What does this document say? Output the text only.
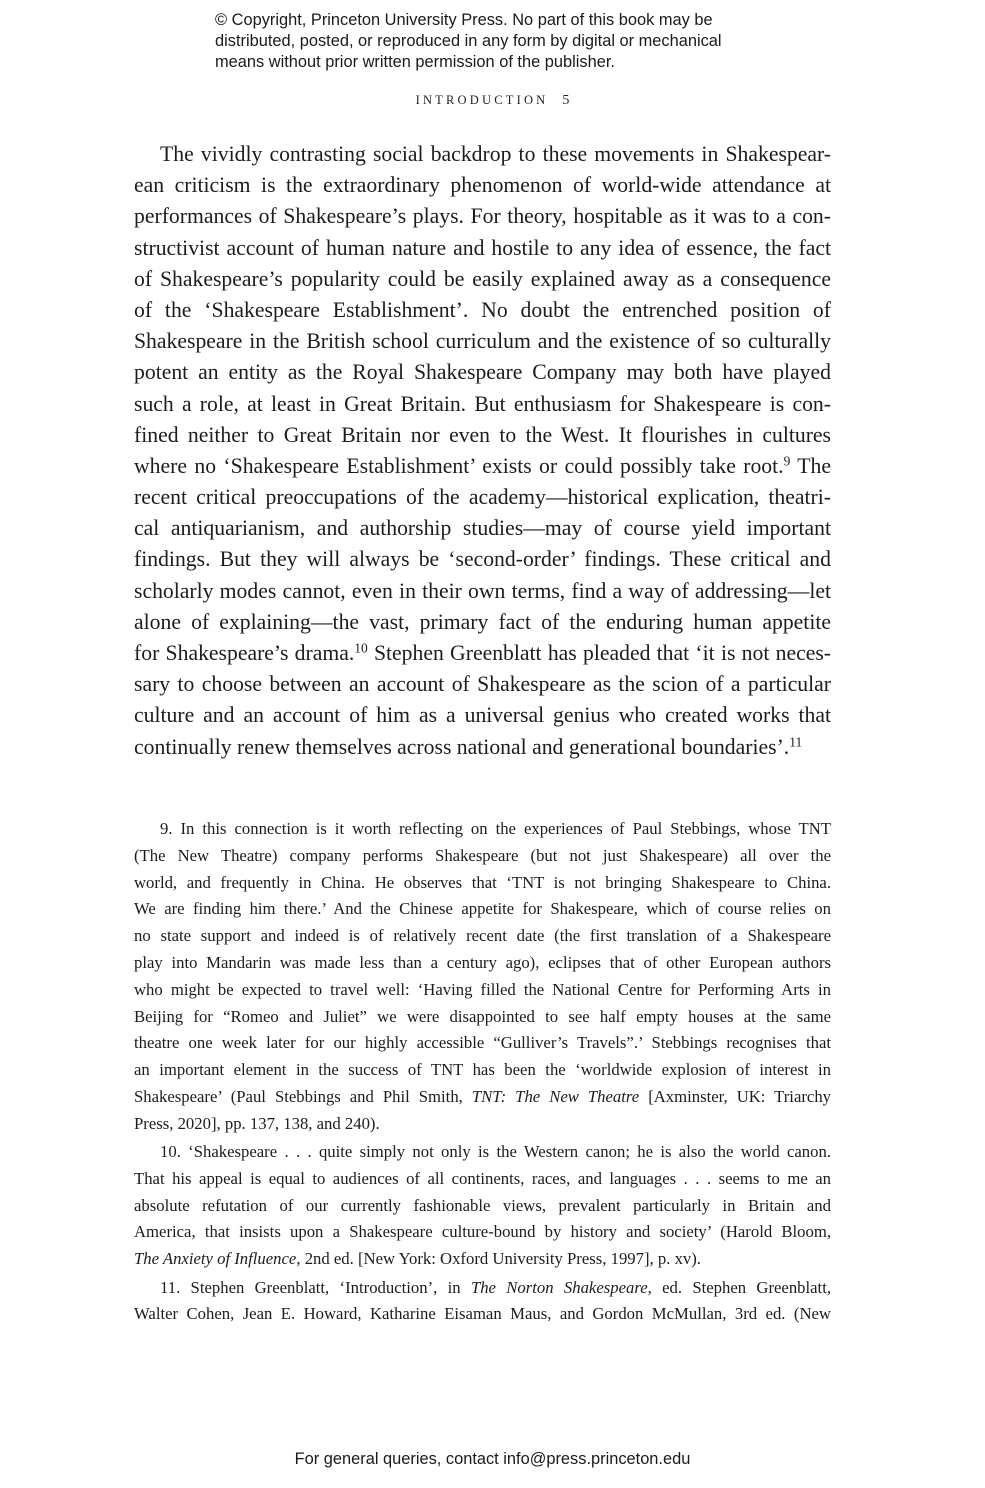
© Copyright, Princeton University Press. No part of this book may be
distributed, posted, or reproduced in any form by digital or mechanical
means without prior written permission of the publisher.
INTRODUCTION 5
The vividly contrasting social backdrop to these movements in Shakespear-
ean criticism is the extraordinary phenomenon of world-wide attendance at
performances of Shakespeare’s plays. For theory, hospitable as it was to a con-
structivist account of human nature and hostile to any idea of essence, the fact
of Shakespeare’s popularity could be easily explained away as a consequence
of the ‘Shakespeare Establishment’. No doubt the entrenched position of
Shakespeare in the British school curriculum and the existence of so culturally
potent an entity as the Royal Shakespeare Company may both have played
such a role, at least in Great Britain. But enthusiasm for Shakespeare is con-
fined neither to Great Britain nor even to the West. It flourishes in cultures
where no ‘Shakespeare Establishment’ exists or could possibly take root.$^9$ The
recent critical preoccupations of the academy—historical explication, theatri-
cal antiquarianism, and authorship studies—may of course yield important
findings. But they will always be ‘second-order’ findings. These critical and
scholarly modes cannot, even in their own terms, find a way of addressing—let
alone of explaining—the vast, primary fact of the enduring human appetite
for Shakespeare’s drama.$^{10}$ Stephen Greenblatt has pleaded that ‘it is not neces-
sary to choose between an account of Shakespeare as the scion of a particular
culture and an account of him as a universal genius who created works that
continually renew themselves across national and generational boundaries’.$^{11}$
9. In this connection is it worth reflecting on the experiences of Paul Stebbings, whose TNT
(The New Theatre) company performs Shakespeare (but not just Shakespeare) all over the
world, and frequently in China. He observes that ‘TNT is not bringing Shakespeare to China.
We are finding him there.’ And the Chinese appetite for Shakespeare, which of course relies on
no state support and indeed is of relatively recent date (the first translation of a Shakespeare
play into Mandarin was made less than a century ago), eclipses that of other European authors
who might be expected to travel well: ‘Having filled the National Centre for Performing Arts in
Beijing for “Romeo and Juliet” we were disappointed to see half empty houses at the same
theatre one week later for our highly accessible “Gulliver’s Travels”.’ Stebbings recognises that
an important element in the success of TNT has been the ‘worldwide explosion of interest in
Shakespeare’ (Paul Stebbings and Phil Smith, TNT: The New Theatre [Axminster, UK: Triarchy
Press, 2020], pp. 137, 138, and 240).
10. ‘Shakespeare . . . quite simply not only is the Western canon; he is also the world canon.
That his appeal is equal to audiences of all continents, races, and languages . . . seems to me an
absolute refutation of our currently fashionable views, prevalent particularly in Britain and
America, that insists upon a Shakespeare culture-bound by history and society’ (Harold Bloom,
The Anxiety of Influence, 2nd ed. [New York: Oxford University Press, 1997], p. xv).
11. Stephen Greenblatt, ‘Introduction’, in The Norton Shakespeare, ed. Stephen Greenblatt,
Walter Cohen, Jean E. Howard, Katharine Eisaman Maus, and Gordon McMullan, 3rd ed. (New
For general queries, contact info@press.princeton.edu
